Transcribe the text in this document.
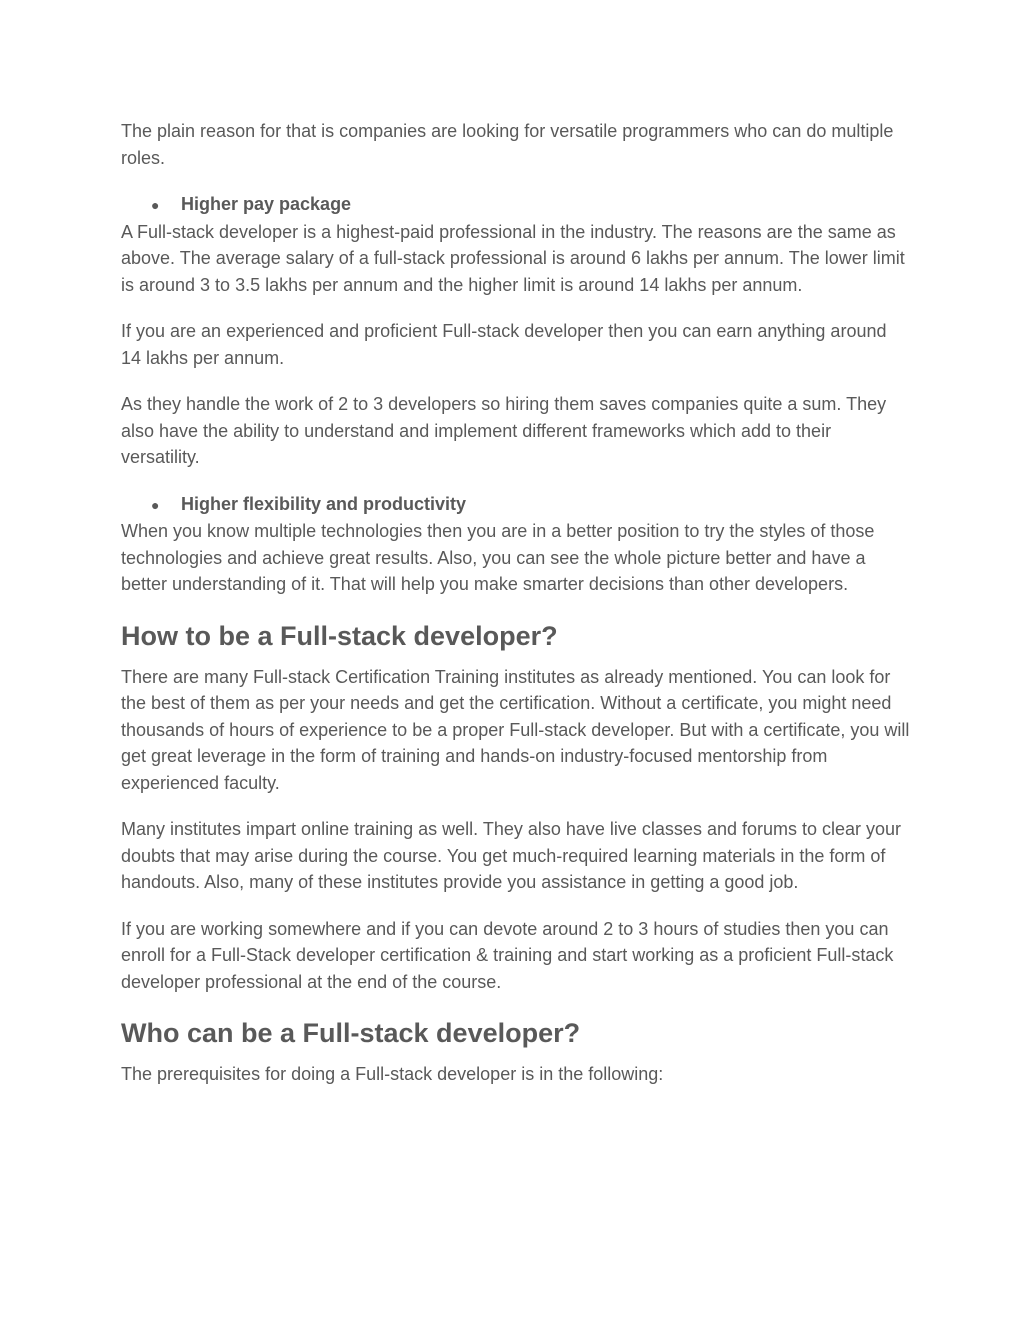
The plain reason for that is companies are looking for versatile programmers who can do multiple roles.

●	Higher pay package

A Full-stack developer is a highest-paid professional in the industry. The reasons are the same as above. The average salary of a full-stack professional is around 6 lakhs per annum. The lower limit is around 3 to 3.5 lakhs per annum and the higher limit is around 14 lakhs per annum.

If you are an experienced and proficient Full-stack developer then you can earn anything around 14 lakhs per annum.

As they handle the work of 2 to 3 developers so hiring them saves companies quite a sum. They also have the ability to understand and implement different frameworks which add to their versatility.

●	Higher flexibility and productivity

When you know multiple technologies then you are in a better position to try the styles of those technologies and achieve great results. Also, you can see the whole picture better and have a better understanding of it. That will help you make smarter decisions than other developers.

How to be a Full-stack developer?

There are many Full-stack Certification Training institutes as already mentioned. You can look for the best of them as per your needs and get the certification. Without a certificate, you might need thousands of hours of experience to be a proper Full-stack developer. But with a certificate, you will get great leverage in the form of training and hands-on industry-focused mentorship from experienced faculty.

Many institutes impart online training as well. They also have live classes and forums to clear your doubts that may arise during the course. You get much-required learning materials in the form of handouts. Also, many of these institutes provide you assistance in getting a good job.

If you are working somewhere and if you can devote around 2 to 3 hours of studies then you can enroll for a Full-Stack developer certification & training and start working as a proficient Full-stack developer professional at the end of the course.

Who can be a Full-stack developer?

The prerequisites for doing a Full-stack developer is in the following:
